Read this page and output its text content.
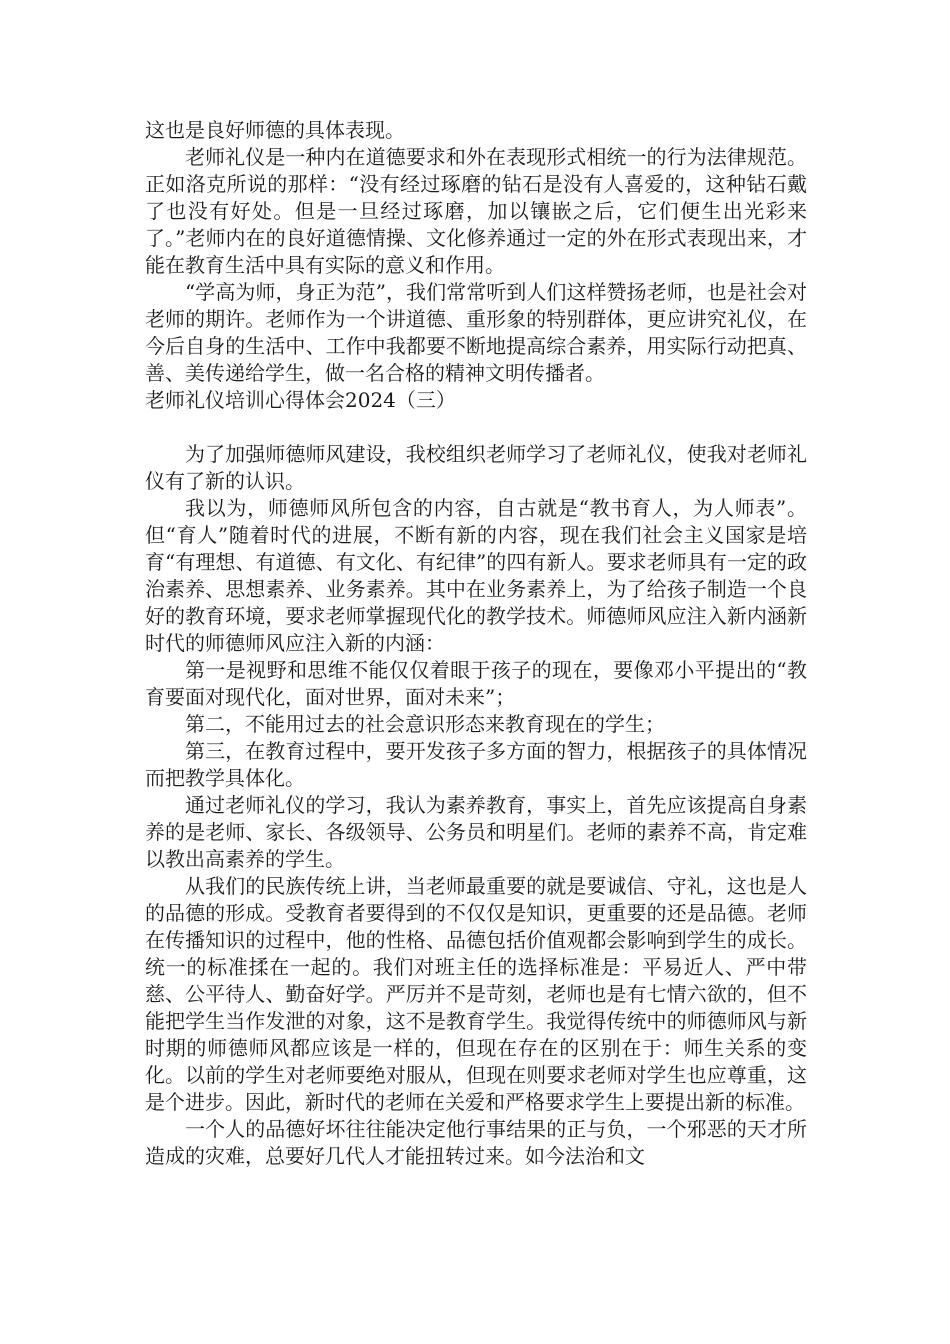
这也是良好师德的具体表现。

老师礼仪是一种内在道德要求和外在表现形式相统一的行为法律规范。正如洛克所说的那样：“没有经过琢磨的钻石是没有人喜爱的，这种钻石戴了也没有好处。但是一旦经过琢磨，加以镶嵌之后，它们便生出光彩来了。”老师内在的良好道德情操、文化修养通过一定的外在形式表现出来，才能在教育生活中具有实际的意义和作用。

“学高为师，身正为范”，我们常常听到人们这样赞扬老师，也是社会对老师的期许。老师作为一个讲道德、重形象的特别群体，更应讲究礼仪，在今后自身的生活中、工作中我都要不断地提高综合素养，用实际行动把真、善、美传递给学生，做一名合格的精神文明传播者。

老师礼仪培训心得体会2024（三）

为了加强师德师风建设，我校组织老师学习了老师礼仪，使我对老师礼仪有了新的认识。

我以为，师德师风所包含的内容，自古就是“教书育人，为人师表”。但“育人”随着时代的进展，不断有新的内容，现在我们社会主义国家是培育“有理想、有道德、有文化、有纪律”的四有新人。要求老师具有一定的政治素养、思想素养、业务素养。其中在业务素养上，为了给孩子制造一个良好的教育环境，要求老师掌握现代化的教学技术。师德师风应注入新内涵新时代的师德师风应注入新的内涵：

第一是视野和思维不能仅仅着眼于孩子的现在，要像邓小平提出的“教育要面对现代化，面对世界，面对未来”；

第二，不能用过去的社会意识形态来教育现在的学生；

第三，在教育过程中，要开发孩子多方面的智力，根据孩子的具体情况而把教学具体化。

通过老师礼仪的学习，我认为素养教育，事实上，首先应该提高自身素养的是老师、家长、各级领导、公务员和明星们。老师的素养不高，肯定难以教出高素养的学生。

从我们的民族传统上讲，当老师最重要的就是要诚信、守礼，这也是人的品德的形成。受教育者要得到的不仅仅是知识，更重要的还是品德。老师在传播知识的过程中，他的性格、品德包括价值观都会影响到学生的成长。统一的标准揉在一起的。我们对班主任的选择标准是：平易近人、严中带慈、公平待人、勤奋好学。严厉并不是苛刻，老师也是有七情六欲的，但不能把学生当作发泄的对象，这不是教育学生。我觉得传统中的师德师风与新时期的师德师风都应该是一样的，但现在存在的区别在于：师生关系的变化。以前的学生对老师要绝对服从，但现在则要求老师对学生也应尊重，这是个进步。因此，新时代的老师在关爱和严格要求学生上要提出新的标准。

一个人的品德好坏往往能决定他行事结果的正与负，一个邪恶的天才所造成的灾难，总要好几代人才能扭转过来。如今法治和文
